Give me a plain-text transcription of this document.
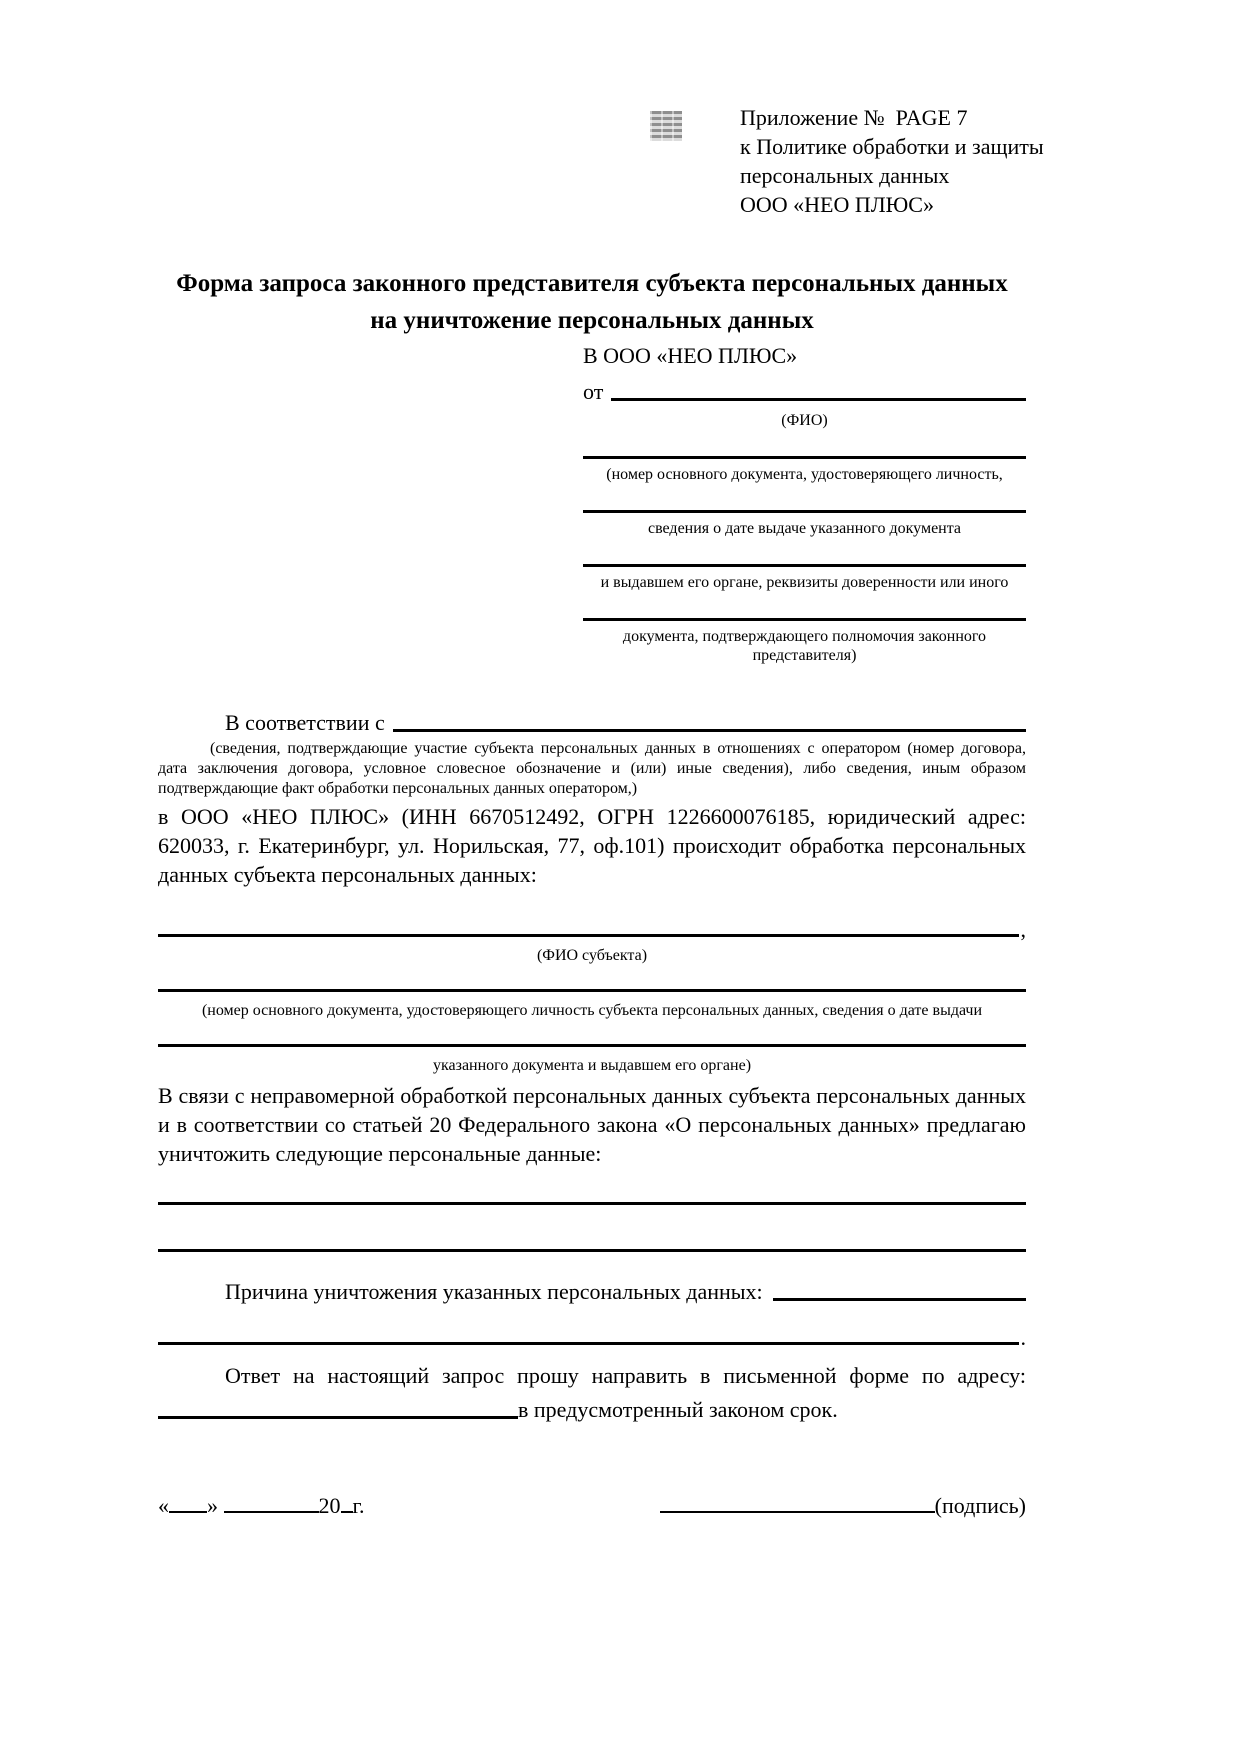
Приложение №  PAGE 7
к Политике обработки и защиты
персональных данных
ООО «НЕО ПЛЮС»
Форма запроса законного представителя субъекта персональных данных
на уничтожение персональных данных
В ООО «НЕО ПЛЮС»
от
(ФИО)
(номер основного документа, удостоверяющего личность,
сведения о дате выдаче указанного документа
и выдавшем его органе, реквизиты доверенности или иного
документа, подтверждающего полномочия законного представителя)
В соответствии с
(сведения, подтверждающие участие субъекта персональных данных в отношениях с оператором (номер договора, дата заключения договора, условное словесное обозначение и (или) иные сведения), либо сведения, иным образом подтверждающие факт обработки персональных данных оператором,)
в ООО «НЕО ПЛЮС» (ИНН 6670512492, ОГРН 1226600076185, юридический адрес: 620033, г. Екатеринбург, ул. Норильская, 77, оф.101) происходит обработка персональных данных субъекта персональных данных:
,
(ФИО субъекта)
(номер основного документа, удостоверяющего личность субъекта персональных данных, сведения о дате выдачи
указанного документа и выдавшем его органе)
В связи с неправомерной обработкой персональных данных субъекта персональных данных и в соответствии со статьей 20 Федерального закона «О персональных данных» предлагаю уничтожить следующие персональные данные:
Причина уничтожения указанных персональных данных:
.
Ответ на настоящий запрос прошу направить в письменной форме по адресу:
в предусмотренный законом срок.
« »	20 г.	(подпись)
